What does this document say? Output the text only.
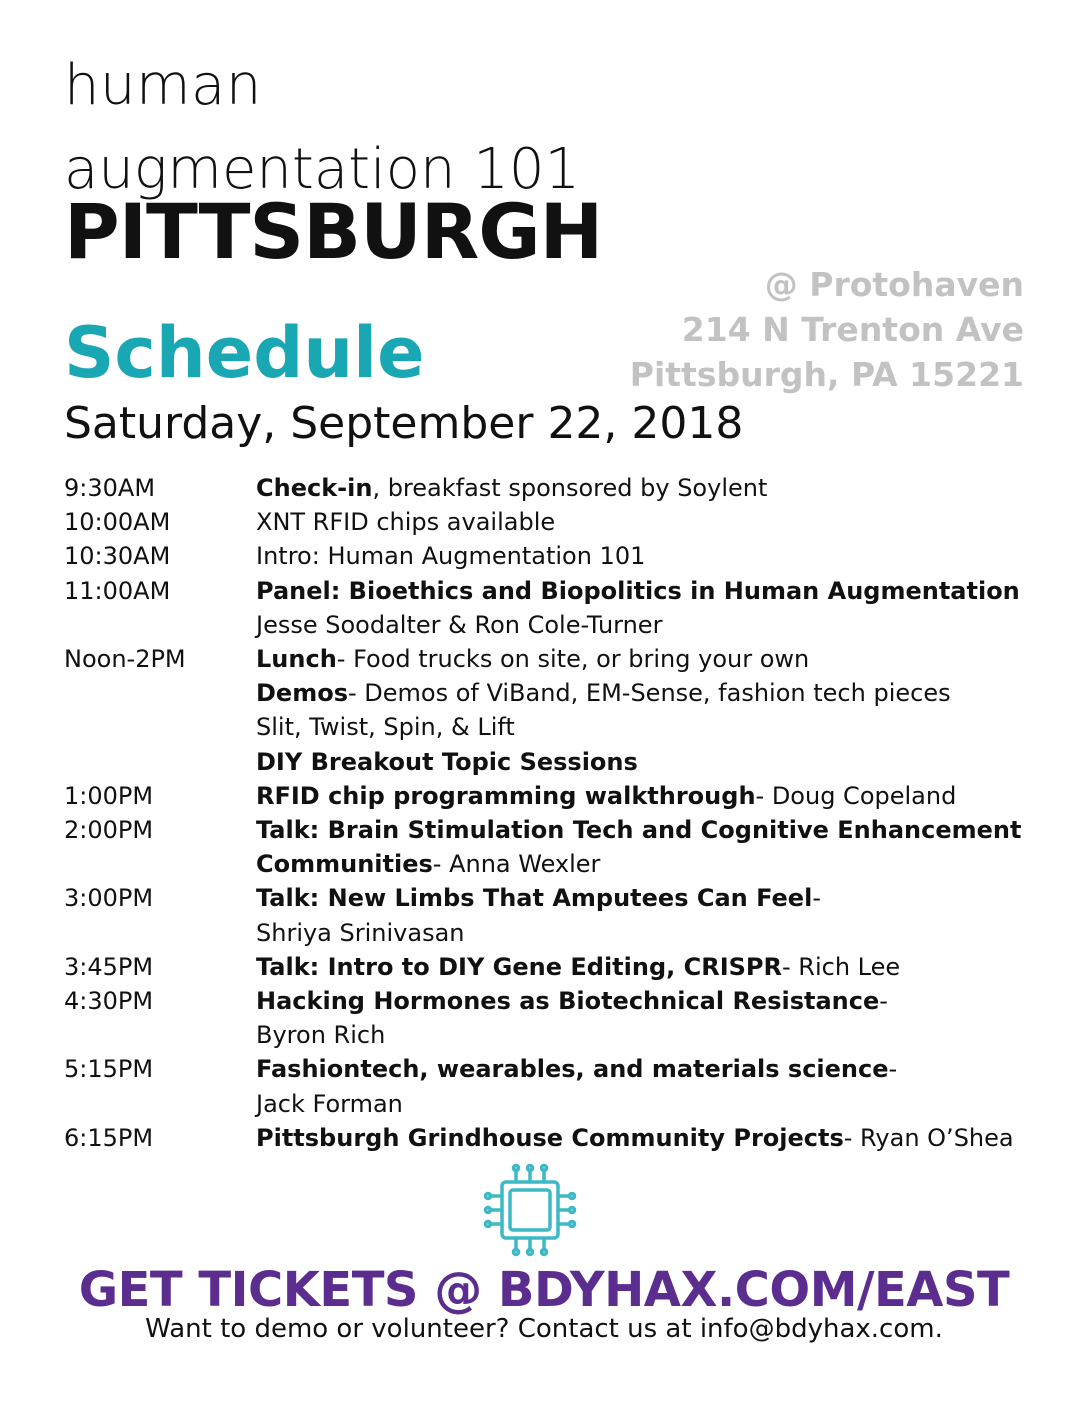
human
augmentation 101
PITTSBURGH
@ Protohaven
214 N Trenton Ave
Pittsburgh, PA 15221
Schedule
Saturday, September 22, 2018
9:30AM	Check-in, breakfast sponsored by Soylent
10:00AM	XNT RFID chips available
10:30AM	Intro: Human Augmentation 101
11:00AM	Panel: Bioethics and Biopolitics in Human Augmentation
Jesse Soodalter & Ron Cole-Turner
Noon-2PM	Lunch- Food trucks on site, or bring your own
Demos- Demos of ViBand, EM-Sense, fashion tech pieces
Slit, Twist, Spin, & Lift
DIY Breakout Topic Sessions
1:00PM	RFID chip programming walkthrough- Doug Copeland
2:00PM	Talk: Brain Stimulation Tech and Cognitive Enhancement
Communities- Anna Wexler
3:00PM	Talk: New Limbs That Amputees Can Feel-
Shriya Srinivasan
3:45PM	Talk: Intro to DIY Gene Editing, CRISPR- Rich Lee
4:30PM	Hacking Hormones as Biotechnical Resistance-
Byron Rich
5:15PM	Fashiontech, wearables, and materials science-
Jack Forman
6:15PM	Pittsburgh Grindhouse Community Projects- Ryan O’Shea
GET TICKETS @ BDYHAX.COM/EAST
Want to demo or volunteer? Contact us at info@bdyhax.com.
